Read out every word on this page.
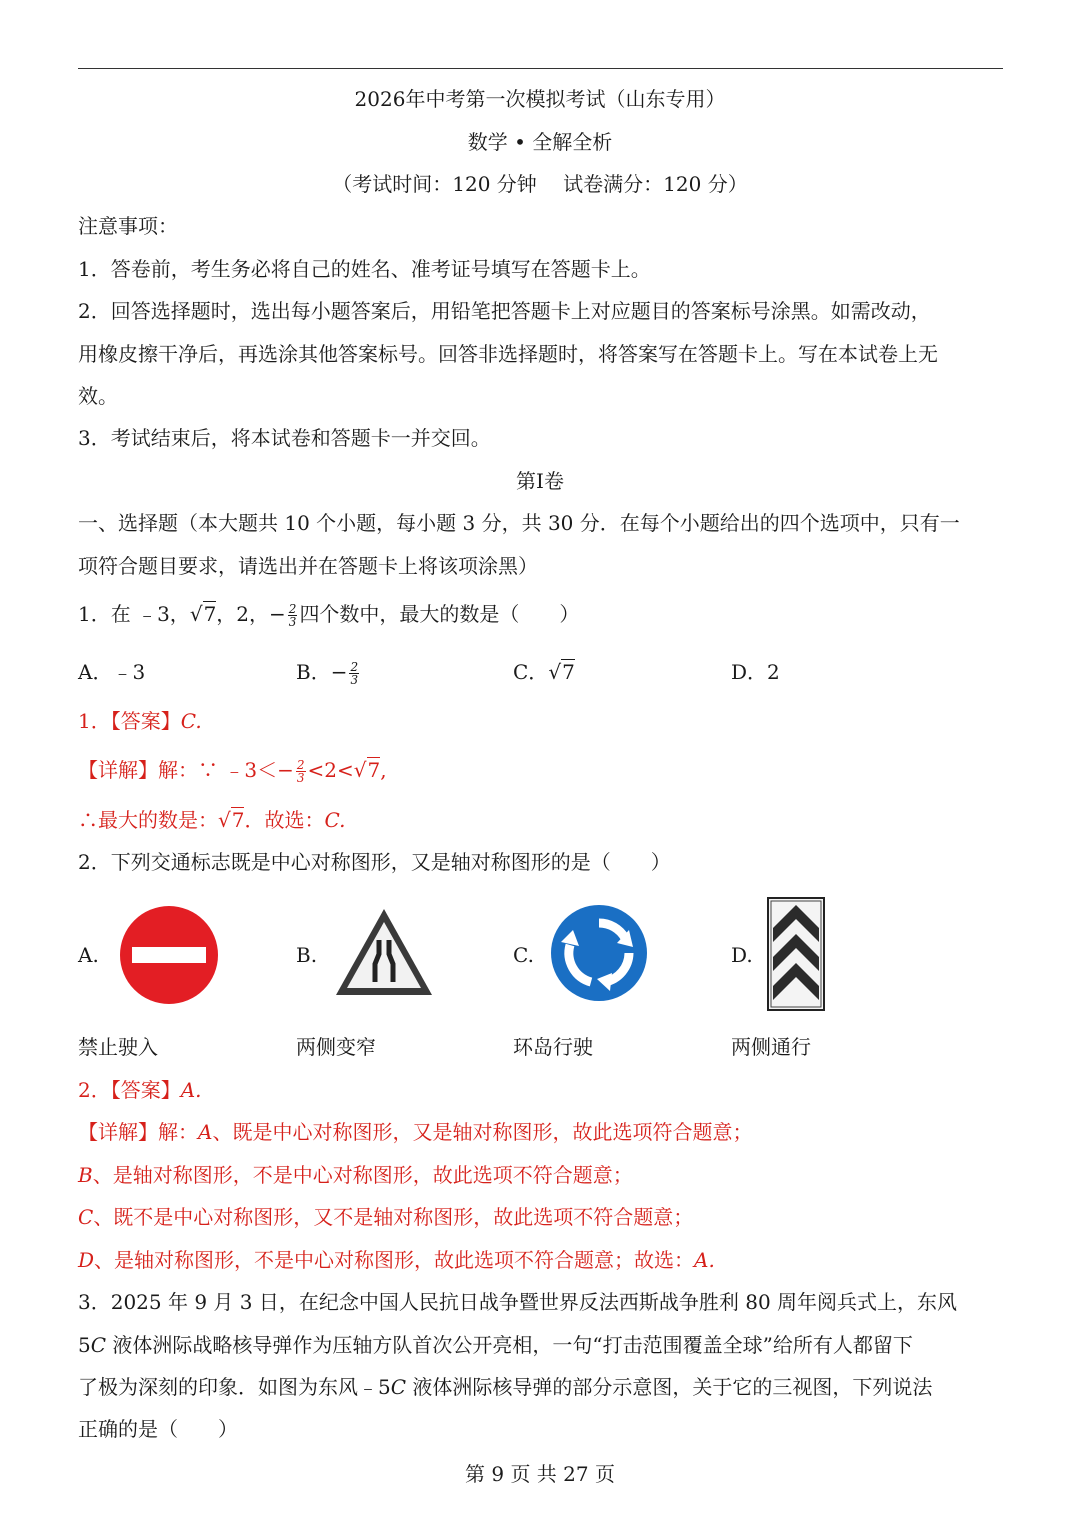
2026年中考第一次模拟考试（山东专用）
数学 • 全解全析
（考试时间：120 分钟　 试卷满分：120 分）
注意事项：
1．答卷前，考生务必将自己的姓名、准考证号填写在答题卡上。
2．回答选择题时，选出每小题答案后，用铅笔把答题卡上对应题目的答案标号涂黑。如需改动，
用橡皮擦干净后，再选涂其他答案标号。回答非选择题时，将答案写在答题卡上。写在本试卷上无
效。
3．考试结束后，将本试卷和答题卡一并交回。
第I卷
一、选择题（本大题共 10 个小题，每小题 3 分，共 30 分．在每个小题给出的四个选项中，只有一
项符合题目要求，请选出并在答题卡上将该项涂黑）
1．在 ﹣3，√7，2，− $\frac{2}{3}$ 四个数中，最大的数是（　　）
A．﹣3	B．− $\frac{2}{3}$	C．√7	D．2
1．【答案】C.
【详解】解：∵ ﹣3＜− $\frac{2}{3} <2<√7$,
∴最大的数是：√7．故选：C.
2．下列交通标志既是中心对称图形，又是轴对称图形的是（　　）
A.	B.	C.	D.
禁止驶入	两侧变窄	环岛行驶	两侧通行
2．【答案】A.
【详解】解：A、既是中心对称图形，又是轴对称图形，故此选项符合题意；
B、是轴对称图形，不是中心对称图形，故此选项不符合题意；
C、既不是中心对称图形，又不是轴对称图形，故此选项不符合题意；
D、是轴对称图形，不是中心对称图形，故此选项不符合题意；故选：A.
3．2025 年 9 月 3 日，在纪念中国人民抗日战争暨世界反法西斯战争胜利 80 周年阅兵式上，东风
5C 液体洲际战略核导弹作为压轴方队首次公开亮相，一句“打击范围覆盖全球”给所有人都留下
了极为深刻的印象．如图为东风﹣5C 液体洲际核导弹的部分示意图，关于它的三视图，下列说法
正确的是（　　）
第 9 页 共 27 页
